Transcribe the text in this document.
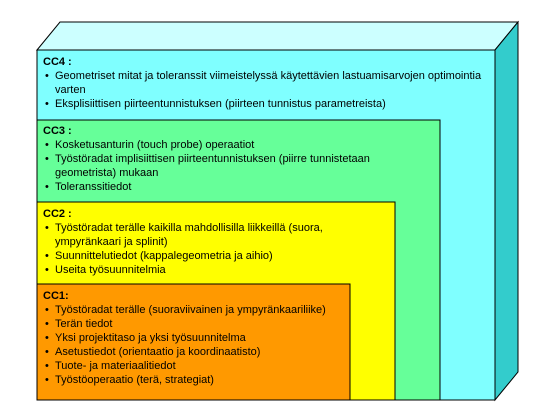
CC4 :
• Geometriset mitat ja toleranssit viimeistelyssä käytettävien lastuamisarvojen optimointia varten
• Eksplisiittisen piirteentunnistuksen (piirteen tunnistus parametreista)
CC3 :
• Kosketusanturin (touch probe) operaatiot
• Työstöradat implisiittisen piirteentunnistuksen (piirre tunnistetaan geometrista) mukaan
• Toleranssitiedot
CC2 :
• Työstöradat terälle kaikilla mahdollisilla liikkeillä (suora, ympyränkaari ja splinit)
• Suunnittelutiedot (kappalegeometria ja aihio)
• Useita työsuunnitelmia
CC1:
• Työstöradat terälle (suoraviivainen ja ympyränkaariliike)
• Terän tiedot
• Yksi projektitaso ja yksi työsuunnitelma
• Asetustiedot (orientaatio ja koordinaatisto)
• Tuote- ja materiaalitiedot
• Työstöoperaatio (terä, strategiat)
